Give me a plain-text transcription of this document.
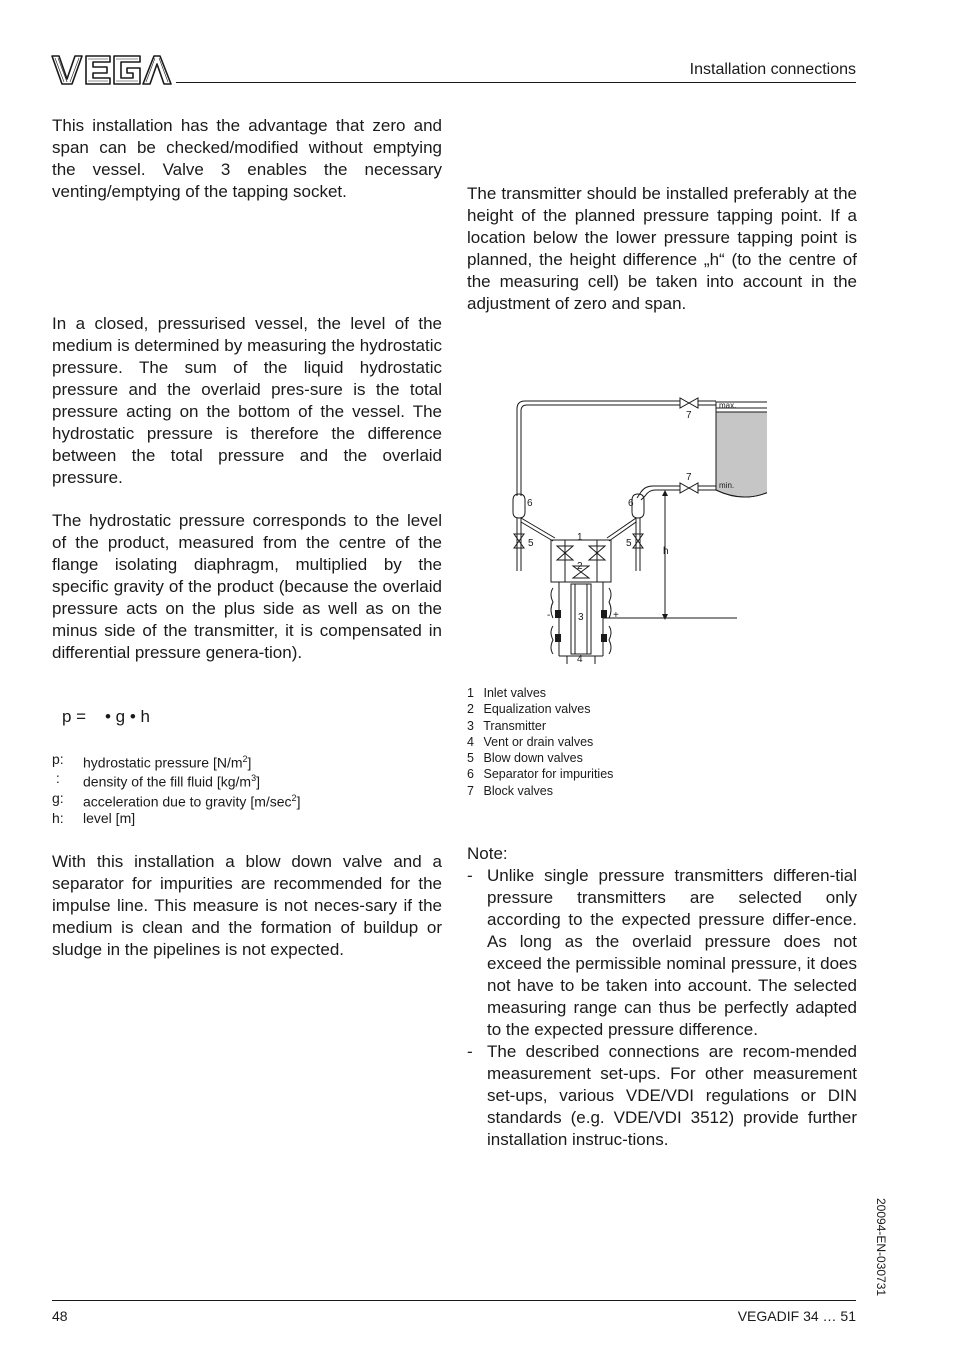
Installation connections

This installation has the advantage that zero and span can be checked/modified without emptying the vessel. Valve 3 enables the necessary venting/emptying of the tapping socket.

In a closed, pressurised vessel, the level of the medium is determined by measuring the hydrostatic pressure. The sum of the liquid hydrostatic pressure and the overlaid pres-sure is the total pressure acting on the bottom of the vessel. The hydrostatic pressure is therefore the difference between the total pressure and the overlaid pressure.

The hydrostatic pressure corresponds to the level of the product, measured from the centre of the flange isolating diaphragm, multiplied by the specific gravity of the product (because the overlaid pressure acts on the plus side as well as on the minus side of the transmitter, it is compensated in differential pressure genera-tion).

p =    • g • h
p: hydrostatic pressure $[N/m^2]$
: density of the fill fluid $[kg/m^3]$
g: acceleration due to gravity $[m/\sec^2]$
h: level [m]

With this installation a blow down valve and a separator for impurities are recommended for the impulse line. This measure is not neces-sary if the medium is clean and the formation of buildup or sludge in the pipelines is not expected.

The transmitter should be installed preferably at the height of the planned pressure tapping point. If a location below the lower pressure tapping point is planned, the height difference „h“ (to the centre of the measuring cell) be taken into account in the adjustment of zero and span.

max.
min.
1
2
3
4
5	5
6	6
7
7
h
+
-
1 Inlet valves
2 Equalization valves
3 Transmitter
4 Vent or drain valves
5 Blow down valves
6 Separator for impurities
7 Block valves
Note:
- Unlike single pressure transmitters differen-tial pressure transmitters are selected only according to the expected pressure differ-ence. As long as the overlaid pressure does not exceed the permissible nominal pressure, it does not have to be taken into account. The selected measuring range can thus be perfectly adapted to the expected pressure difference.
- The described connections are recom-mended measurement set-ups. For other measurement set-ups, various VDE/VDI regulations or DIN standards (e.g. VDE/VDI 3512) provide further installation instruc-tions.
20094-EN-030731
48	VEGADIF 34 … 51
